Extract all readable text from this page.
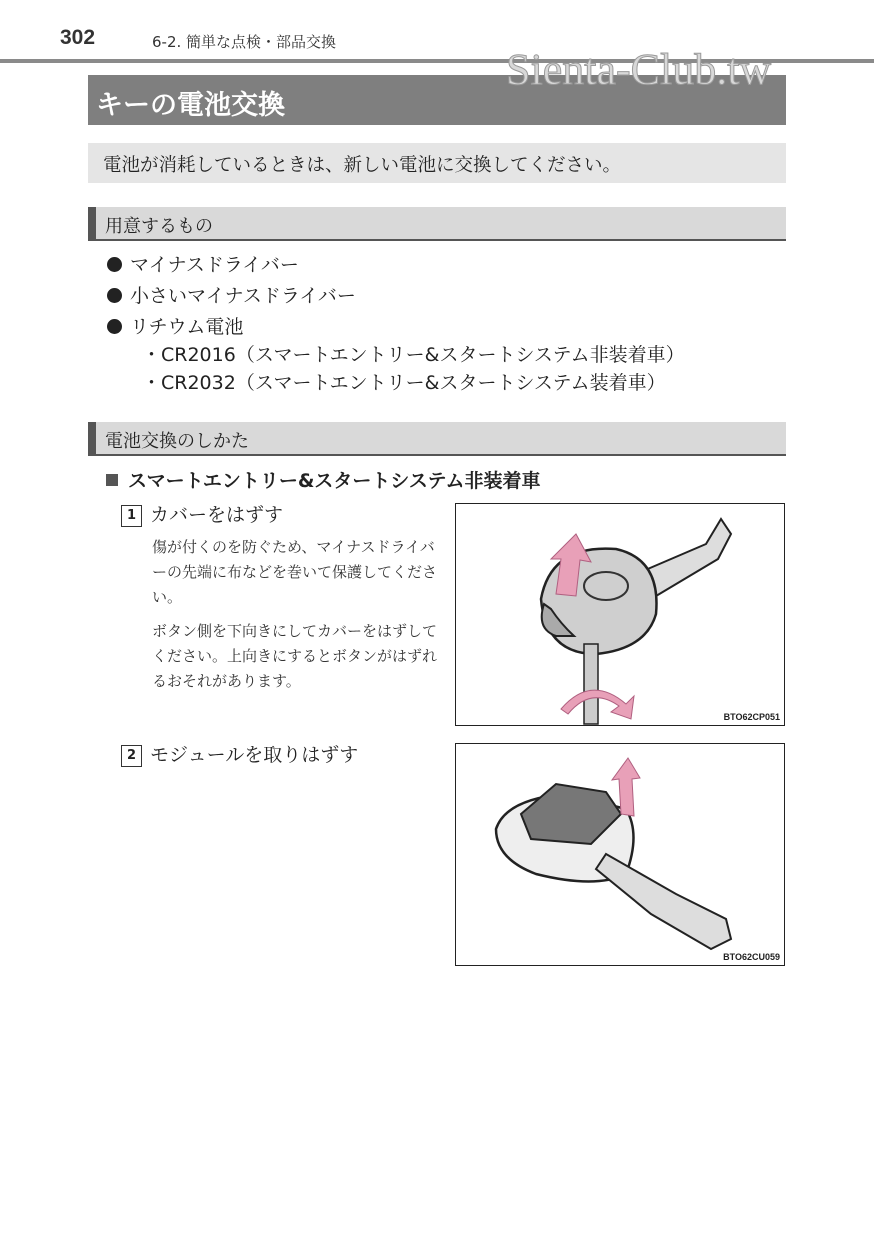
302	6-2. 簡単な点検・部品交換
Sienta-Club.tw
キーの電池交換
電池が消耗しているときは、新しい電池に交換してください。
用意するもの
マイナスドライバー
小さいマイナスドライバー
リチウム電池
・CR2016（スマートエントリー&スタートシステム非装着車）
・CR2032（スマートエントリー&スタートシステム装着車）
電池交換のしかた
スマートエントリー&スタートシステム非装着車
1 カバーをはずす
傷が付くのを防ぐため、マイナスドライバーの先端に布などを巻いて保護してください。
ボタン側を下向きにしてカバーをはずしてください。上向きにするとボタンがはずれるおそれがあります。
BTO62CP051
2 モジュールを取りはずす
BTO62CU059
